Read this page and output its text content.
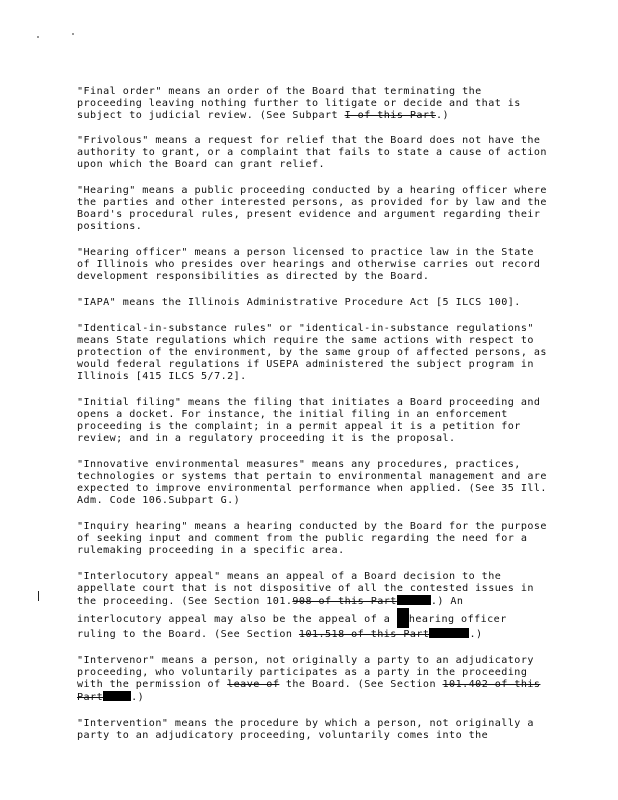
"Final order" means an order of the Board that terminating the proceeding leaving nothing further to litigate or decide and that is subject to judicial review. (See Subpart I of this Part.)

"Frivolous" means a request for relief that the Board does not have the authority to grant, or a complaint that fails to state a cause of action upon which the Board can grant relief.

"Hearing" means a public proceeding conducted by a hearing officer where the parties and other interested persons, as provided for by law and the Board's procedural rules, present evidence and argument regarding their positions.

"Hearing officer" means a person licensed to practice law in the State of Illinois who presides over hearings and otherwise carries out record development responsibilities as directed by the Board.

"IAPA" means the Illinois Administrative Procedure Act [5 ILCS 100].

"Identical-in-substance rules" or "identical-in-substance regulations" means State regulations which require the same actions with respect to protection of the environment, by the same group of affected persons, as would federal regulations if USEPA administered the subject program in Illinois [415 ILCS 5/7.2].

"Initial filing" means the filing that initiates a Board proceeding and opens a docket. For instance, the initial filing in an enforcement proceeding is the complaint; in a permit appeal it is a petition for review; and in a regulatory proceeding it is the proposal.

"Innovative environmental measures" means any procedures, practices, technologies or systems that pertain to environmental management and are expected to improve environmental performance when applied. (See 35 Ill. Adm. Code 106.Subpart G.)

"Inquiry hearing" means a hearing conducted by the Board for the purpose of seeking input and comment from the public regarding the need for a rulemaking proceeding in a specific area.

"Interlocutory appeal" means an appeal of a Board decision to the appellate court that is not dispositive of all the contested issues in the proceeding. (See Section 101.908 of this Part	.) An interlocutory appeal may also be the appeal of a hearing officer ruling to the Board. (See Section 101.518 of this Part	.)

"Intervenor" means a person, not originally a party to an adjudicatory proceeding, who voluntarily participates as a party in the proceeding with the permission of leave of the Board. (See Section 101.402 of this Part	.)

"Intervention" means the procedure by which a person, not originally a party to an adjudicatory proceeding, voluntarily comes into the
